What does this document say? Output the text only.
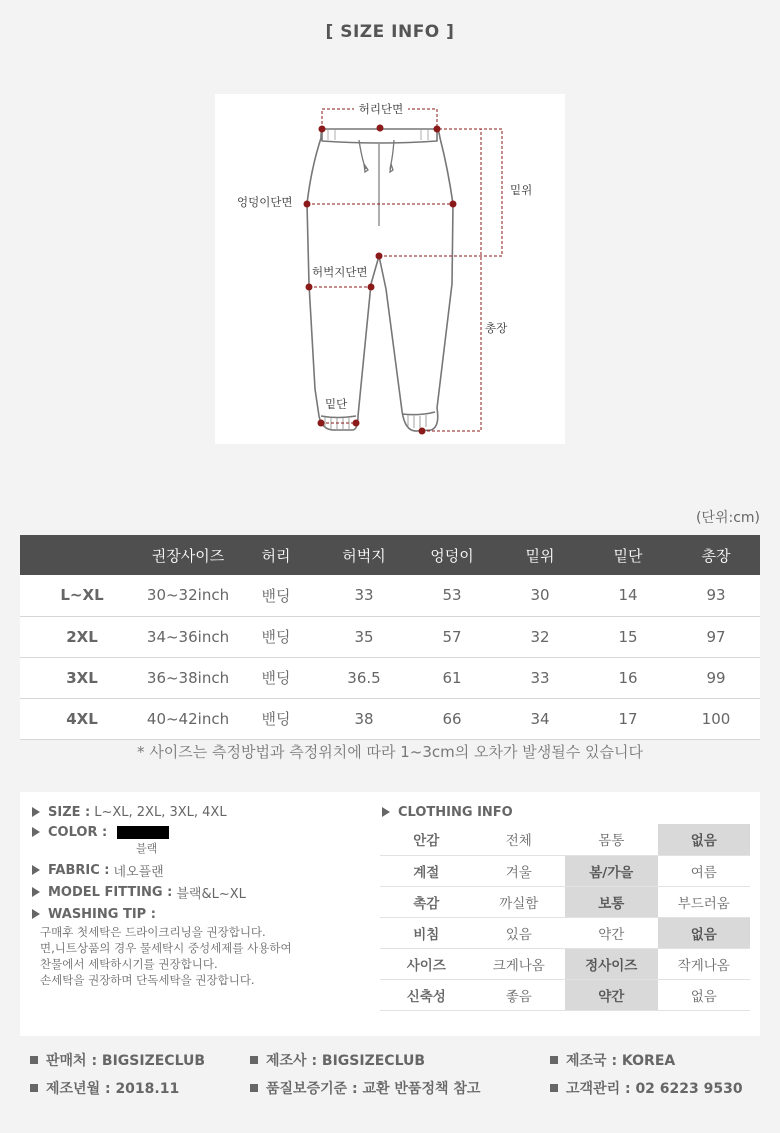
[ SIZE INFO ]
허리단면
밑위
엉덩이단면
허벅지단면
총장
밑단
(단위:cm)
	권장사이즈	허리	허벅지	엉덩이	밑위	밑단	총장
L~XL	30~32inch	밴딩	33	53	30	14	93
2XL	34~36inch	밴딩	35	57	32	15	97
3XL	36~38inch	밴딩	36.5	61	33	16	99
4XL	40~42inch	밴딩	38	66	34	17	100
* 사이즈는 측정방법과 측정위치에 따라 1~3cm의 오차가 발생될수 있습니다
SIZE : L~XL, 2XL, 3XL, 4XL
COLOR :
블랙
FABRIC : 네오플랜
MODEL FITTING : 블랙&L~XL
WASHING TIP :
구매후 첫세탁은 드라이크리닝을 권장합니다.
면,니트상품의 경우 물세탁시 중성세제를 사용하여
찬물에서 세탁하시기를 권장합니다.
손세탁을 권장하며 단독세탁을 권장합니다.
CLOTHING INFO
안감	전체	몸통	없음
계절	겨울	봄/가을	여름
촉감	까실함	보통	부드러움
비침	있음	약간	없음
사이즈	크게나옴	정사이즈	작게나옴
신축성	좋음	약간	없음
판매처 : BIGSIZECLUB	제조사 : BIGSIZECLUB	제조국 : KOREA
제조년월 : 2018.11	품질보증기준 : 교환 반품정책 참고	고객관리 : 02 6223 9530
